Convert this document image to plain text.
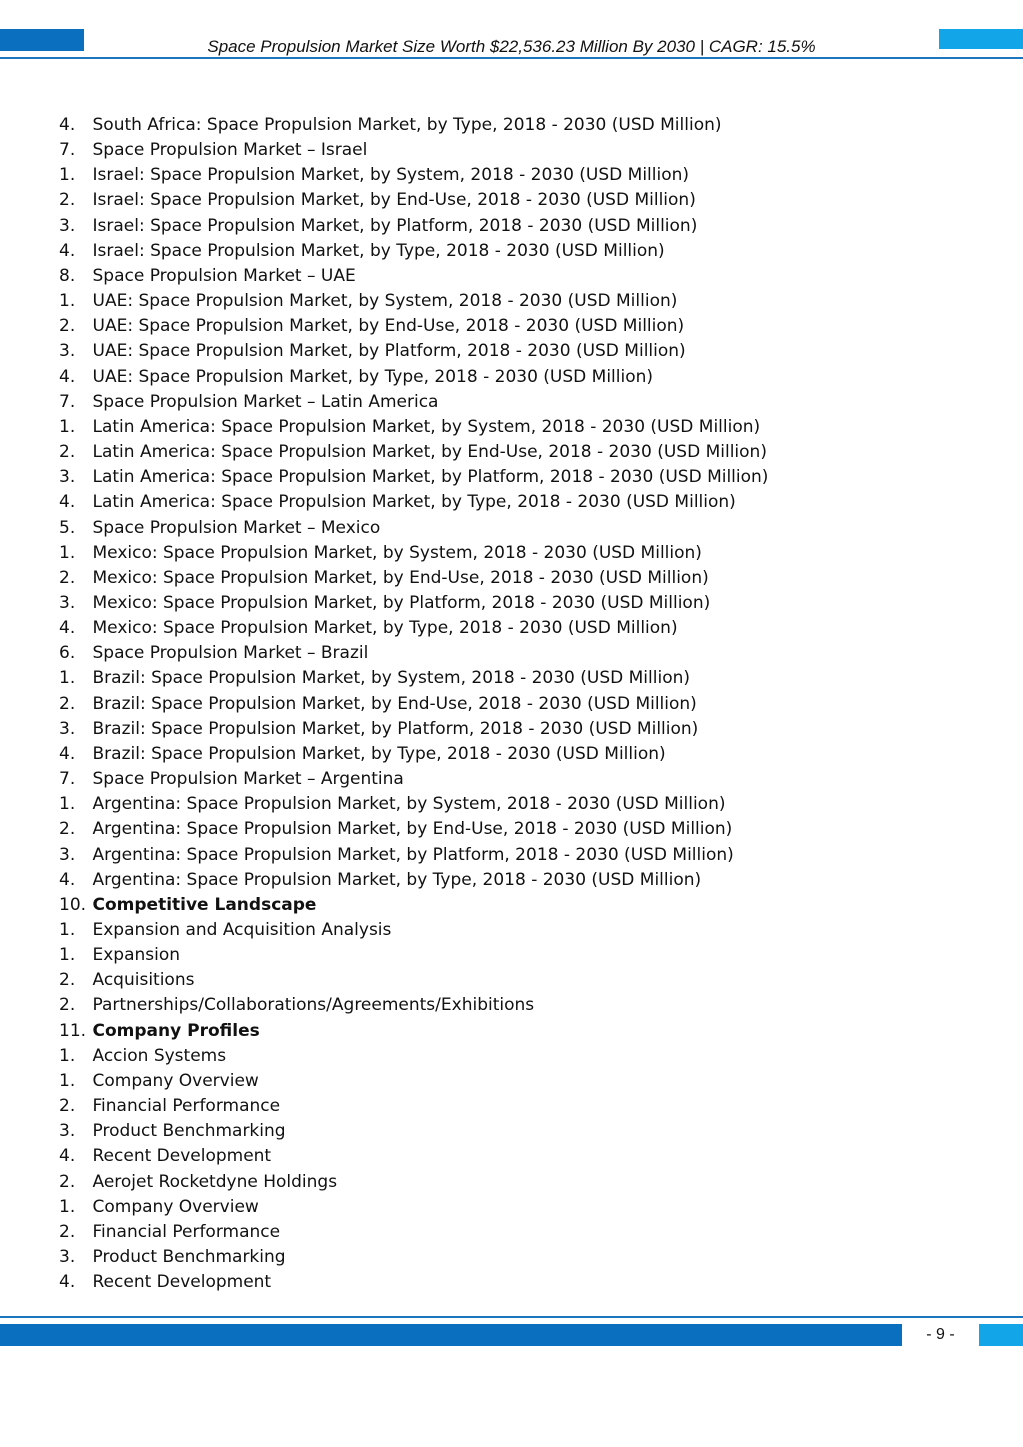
Space Propulsion Market Size Worth $22,536.23 Million By 2030 | CAGR: 15.5%
4. South Africa: Space Propulsion Market, by Type, 2018 - 2030 (USD Million)
7. Space Propulsion Market – Israel
1. Israel: Space Propulsion Market, by System, 2018 - 2030 (USD Million)
2. Israel: Space Propulsion Market, by End-Use, 2018 - 2030 (USD Million)
3. Israel: Space Propulsion Market, by Platform, 2018 - 2030 (USD Million)
4. Israel: Space Propulsion Market, by Type, 2018 - 2030 (USD Million)
8. Space Propulsion Market – UAE
1. UAE: Space Propulsion Market, by System, 2018 - 2030 (USD Million)
2. UAE: Space Propulsion Market, by End-Use, 2018 - 2030 (USD Million)
3. UAE: Space Propulsion Market, by Platform, 2018 - 2030 (USD Million)
4. UAE: Space Propulsion Market, by Type, 2018 - 2030 (USD Million)
7. Space Propulsion Market – Latin America
1. Latin America: Space Propulsion Market, by System, 2018 - 2030 (USD Million)
2. Latin America: Space Propulsion Market, by End-Use, 2018 - 2030 (USD Million)
3. Latin America: Space Propulsion Market, by Platform, 2018 - 2030 (USD Million)
4. Latin America: Space Propulsion Market, by Type, 2018 - 2030 (USD Million)
5. Space Propulsion Market – Mexico
1. Mexico: Space Propulsion Market, by System, 2018 - 2030 (USD Million)
2. Mexico: Space Propulsion Market, by End-Use, 2018 - 2030 (USD Million)
3. Mexico: Space Propulsion Market, by Platform, 2018 - 2030 (USD Million)
4. Mexico: Space Propulsion Market, by Type, 2018 - 2030 (USD Million)
6. Space Propulsion Market – Brazil
1. Brazil: Space Propulsion Market, by System, 2018 - 2030 (USD Million)
2. Brazil: Space Propulsion Market, by End-Use, 2018 - 2030 (USD Million)
3. Brazil: Space Propulsion Market, by Platform, 2018 - 2030 (USD Million)
4. Brazil: Space Propulsion Market, by Type, 2018 - 2030 (USD Million)
7. Space Propulsion Market – Argentina
1. Argentina: Space Propulsion Market, by System, 2018 - 2030 (USD Million)
2. Argentina: Space Propulsion Market, by End-Use, 2018 - 2030 (USD Million)
3. Argentina: Space Propulsion Market, by Platform, 2018 - 2030 (USD Million)
4. Argentina: Space Propulsion Market, by Type, 2018 - 2030 (USD Million)
10. Competitive Landscape
1. Expansion and Acquisition Analysis
1. Expansion
2. Acquisitions
2. Partnerships/Collaborations/Agreements/Exhibitions
11. Company Profiles
1. Accion Systems
1. Company Overview
2. Financial Performance
3. Product Benchmarking
4. Recent Development
2. Aerojet Rocketdyne Holdings
1. Company Overview
2. Financial Performance
3. Product Benchmarking
4. Recent Development
- 9 -
